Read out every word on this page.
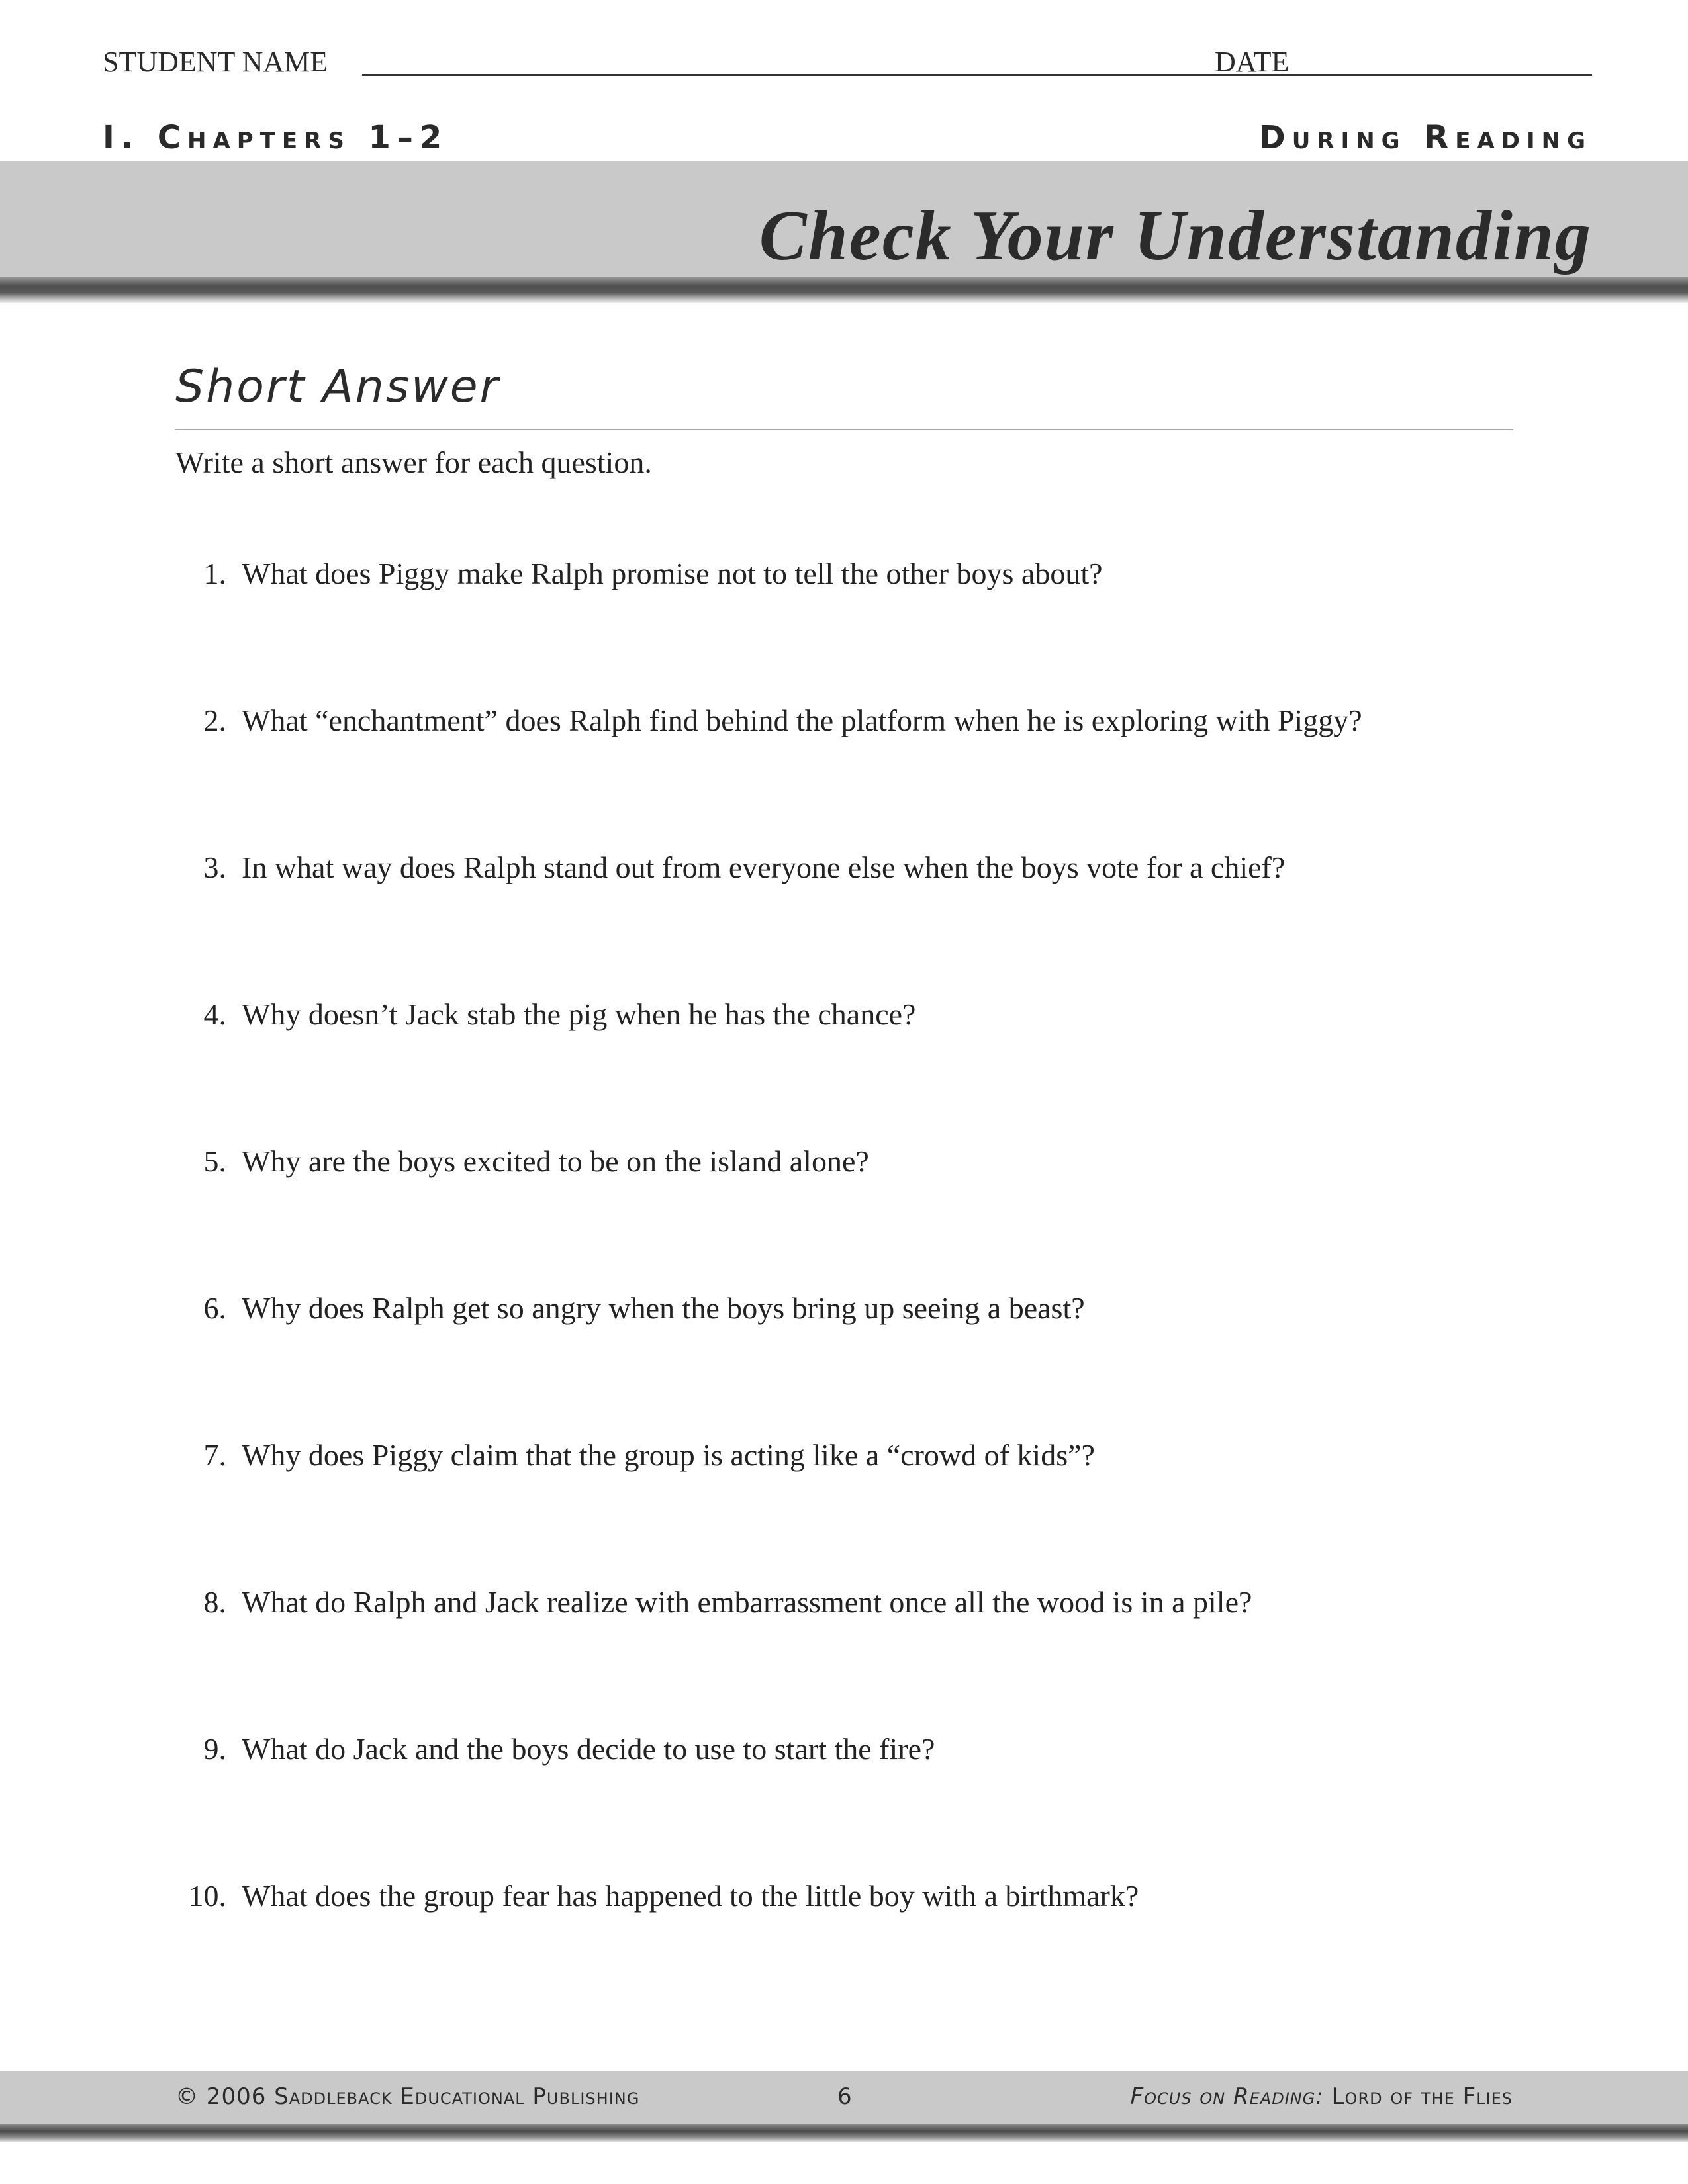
STUDENT NAME	DATE
I. Chapters 1–2	During Reading
Check Your Understanding
Short Answer
Write a short answer for each question.
1. What does Piggy make Ralph promise not to tell the other boys about?
2. What “enchantment” does Ralph find behind the platform when he is exploring with Piggy?
3. In what way does Ralph stand out from everyone else when the boys vote for a chief?
4. Why doesn’t Jack stab the pig when he has the chance?
5. Why are the boys excited to be on the island alone?
6. Why does Ralph get so angry when the boys bring up seeing a beast?
7. Why does Piggy claim that the group is acting like a “crowd of kids”?
8. What do Ralph and Jack realize with embarrassment once all the wood is in a pile?
9. What do Jack and the boys decide to use to start the fire?
10. What does the group fear has happened to the little boy with a birthmark?
© 2006 Saddleback Educational Publishing	6	Focus on Reading: Lord of the Flies
